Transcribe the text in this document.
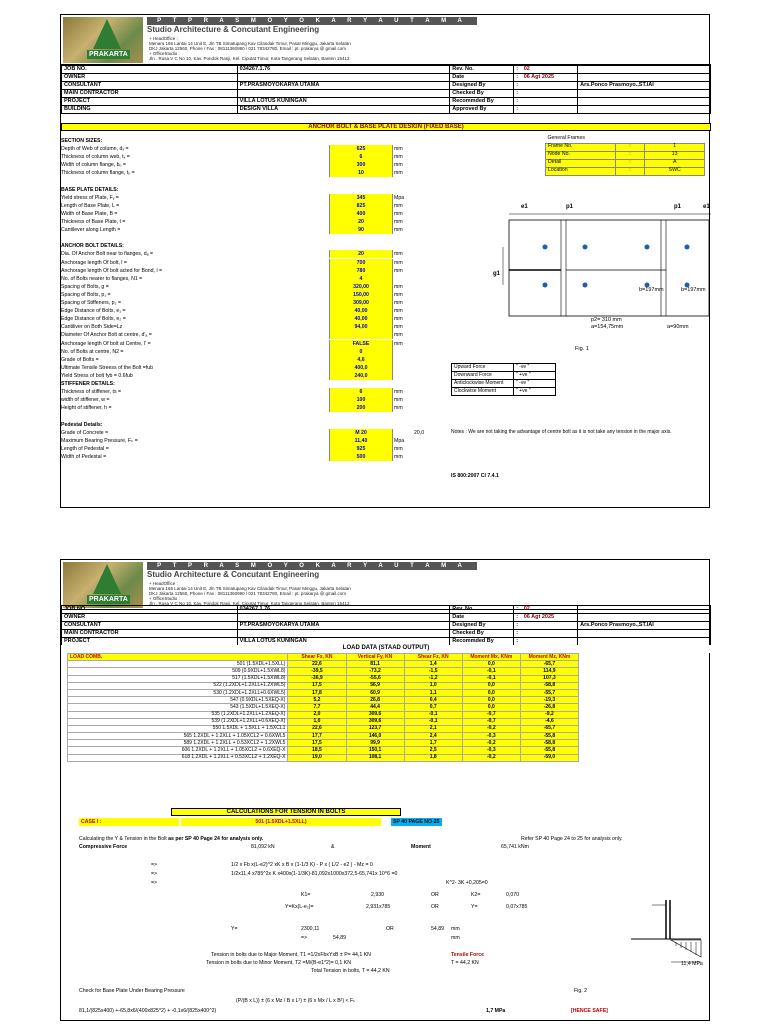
PRAKARTA
P T P R A S M O Y O K A R Y A U T A M A
Studio Architecture & Concutant Engineering
+ HeadOffice :
Menara 165 Lantai 14 Unit E, Jln TB Simatupang Kav Cilandak Timur, Pasar Minggu, Jakarta Selatan
DKJ Jakarta 12560, Phone / Fax : 08111360990 / 021 78342780, Email : pt. prakarya @ gmail.com
+ OfficeStudio :
Jln . Rusa V C No 10, Kav. Pondok Ranji, Kel. Ciputat Timur, Kota Tangerang Selatan, Banten 15412
JOB NO.	034267.1.76	Rev. No.	:	02	
OWNER		Date	:	06 Agt 2025	
CONSULTANT	PT.PRASMOYOKARYA UTAMA	Designed By	:		Ars.Ponco Prasmoyo.,ST.IAI
MAIN CONTRACTOR		Checked By	:		
PROJECT	VILLA LOTUS KUNINGAN	Recommded By	:		
BUILDING	DESIGN VILLA	Approved By	:		
ANCHOR BOLT & BASE PLATE DESIGN (FIXED BASE)
SECTION SIZES:
Depth of Web of column, dₓ =	625	mm
Thickness of column web, tₓ =	6	mm
Width of column flange, bₒ =	300	mm
Thickness of column flange, tₒ =	10	mm
BASE PLATE DETAILS:
Yield stress of Plate, Fᵧ =	345	Mpa
Length of Base Plate, L =	825	mm
Width of Base Plate, B =	400	mm
Thickness of Base Plate, t =	20	mm
Cantilever along Length =	90	mm
ANCHOR BOLT DETAILS:
Dia. Of Anchor Bolt near to flanges, dₐ =	20	mm
Anchorage length Of bolt, l =	700	mm
Anchorage length Of bolt acted for Bond, l =	780	mm
No. of Bolts nearer to flanges, N1 =	4
Spacing of Bolts, g =	320,00	mm
Spacing of Bolts, p₁ =	150,00	mm
Spacing of Stiffeners, p₂ =	309,00	mm
Edge Distance of Bolts, e₁ =	40,00	mm
Edge Distance of Bolts, e₂ =	40,00	mm
Cantiliver on Both Side=Lz	94,00	mm
Diameter Of Anchor Bolt at centre, d'ₐ =	mm
Anchorage length Of bolt at Centre, l' =	FALSE	mm
No. of Bolts at centre, N2 =	0
Grade of Bolts =	4,6
Ultimate Tensile Streess of the Bolt =fub	400,0
Yield Stress of bolt fyb = 0.6fub	240,0
STIFFENER DETAILS:
Thickness of stiffener, ts =	6	mm
width of stiffener, w =	100	mm
Height of stiffener, h =	200	mm
Pedestal Details:
Grade of Concrete =	M 20	20,0
Maximum Bearing Pressure, Fₖ =	11,40	Mpa
Length of Pedestal =	925	mm
Width of Pedestal =	500	mm
General Frames		
Frame No.	:	1
Node No.	:	13
Detail	:	A
Location	:	SWC
e1	p1	p1	e1
g1
b=197mm	b=197mm
p2= 310 mm
a=154,75mm	a=90mm
Fig. 1
Upward Force	" -ve "
Downward Force	" +ve "
Anticlockwise Moment	" -ve "
Clockwise Moment	" +ve "
Notes : We are not taking the advantage of centre bolt as it is not take any tension in the major axis.
IS 800:2007 Cl 7.4.1
PRAKARTA
P T P R A S M O Y O K A R Y A U T A M A
Studio Architecture & Concutant Engineering
+ HeadOffice :
Menara 165 Lantai 14 Unit E, Jln TB Simatupang Kav Cilandak Timur, Pasar Minggu, Jakarta Selatan
DKJ Jakarta 12560, Phone / Fax : 08111360990 / 021 78342780, Email : pt. prakarya @ gmail.com
+ OfficeStudio :
Jln . Rusa V C No 10, Kav. Pondok Ranji, Kel. Ciputat Timur, Kota Tangerang Selatan, Banten 15412
JOB NO.	034267.1.76	Rev. No.	:	02	
OWNER		Date	:	06 Agt 2025	
CONSULTANT	PT.PRASMOYOKARYA UTAMA	Designed By	:		Ars.Ponco Prasmoyo.,ST.IAI
MAIN CONTRACTOR		Checked By	:		
PROJECT	VILLA LOTUS KUNINGAN	Recommded By	:		
LOAD DATA (STAAD OUTPUT)
LOAD COMB.	Shear Fx, KN	Vertical Fy, KN	Shear Fz, KN	Moment Mx, KNm	Moment Mz, KNm
501 (1.5XDL+1.5XLL)	22,6	81,1	1,4	0,0	-65,7
509 (0.9XDL+1.5XWL8)	-39,5	-73,2	-1,5	-0,1	114,9
517 (1.5XDL+1.5XWL8)	-36,9	-55,6	-1,2	-0,1	107,3
522 (1.2XDL+1.2XLL+1.2XWL5)	17,5	56,9	1,0	0,0	-58,8
530 (1.2XDL+1.2XLL+0.6XWL5)	17,8	60,9	1,1	0,0	-55,7
547 (0.9XDL+1.5XEQ-X)	5,2	26,8	0,4	0,0	-19,3
543 (1.5XDL+1.5XEQ-X)	7,7	44,4	0,7	0,0	-26,8
535 (1.2XDL+1.2XLL+1.2XEQ-X)	2,0	309,6	-0,1	-0,7	-9,2
539 (1.2XDL+1.2XLL+0.6XEQ-X)	1,0	309,6	-0,1	-0,7	-4,6
550 1.5XDL + 1.5XLL + 1.5XCL1	22,6	123,7	2,1	-0,2	-65,7
565 1.2XDL + 1.2XLL + 1.05XCL2 + 0.6XWL5	17,7	146,0	2,4	-0,3	-55,8
589 1.2XDL + 1.2XLL + 0.53XCL2 + 1.2XWL5	17,5	99,9	1,7	-0,2	-58,8
606 1.2XDL + 1.2XLL + 1.05XCL2 + 0.6XEQ-X	18,5	150,1	2,5	-0,3	-55,8
618 1.2XDL + 1.2XLL + 0.53XCL2 + 1.2XEQ-X	19,0	108,1	1,8	-0,2	-59,0
CALCULATIONS FOR TENSION IN BOLTS
CASE I :	501 (1.5XDL+1.5XLL)	SP 40 PAGE NO-25
Calculating the Y & Tension in the Bolt as per SP 40 Page 24 for analysis only.	Refer SP 40 Page 24 to 25 for analysis only.
Compressive Force	81,092 kN	&	Moment	65,741 kNm
=>	1/2 x Fb x(L-e2)^2 xK x B x (1-1/3 K) - P x ( L/2 - e2 ) - Mz = 0
=>	1/2x11,4 x785^2x K x400x(1-1/3K)-81,092x1000x372,5-65,741x 10^6 =0
=>	K^2- 3K +0,205=0
K1=	2,930	OR	K2=	0,070
Y=Kx(L-e₂)=	2,931x785	OR	Y=	0,07x785
Y=	2300,11	OR	54,89 mm
=>	54,89	mm
Tension in bolts due to Major Moment, T1 =1/2xFbxYxB ± P= 44,1 KN	Tensile Force
Tension in bolts due to Minor Moment, T2 =M/(B-e1*2)= 0,1 KN	T = 44,2 KN
Total Tension in bolts, T = 44,2 KN
Check for Base Plate Under Bearing Pressure	Fig. 2
(P/(B x L)) ± (6 x Mz / B x L²) ± (6 x Mx / L x B²) < Fₖ
81,1/(825x400) +-65,8x6/(400x825^2) + -0,1x6/(825x400^2)	1,7 MPa	[HENCE SAFE]
11,4 MPa
